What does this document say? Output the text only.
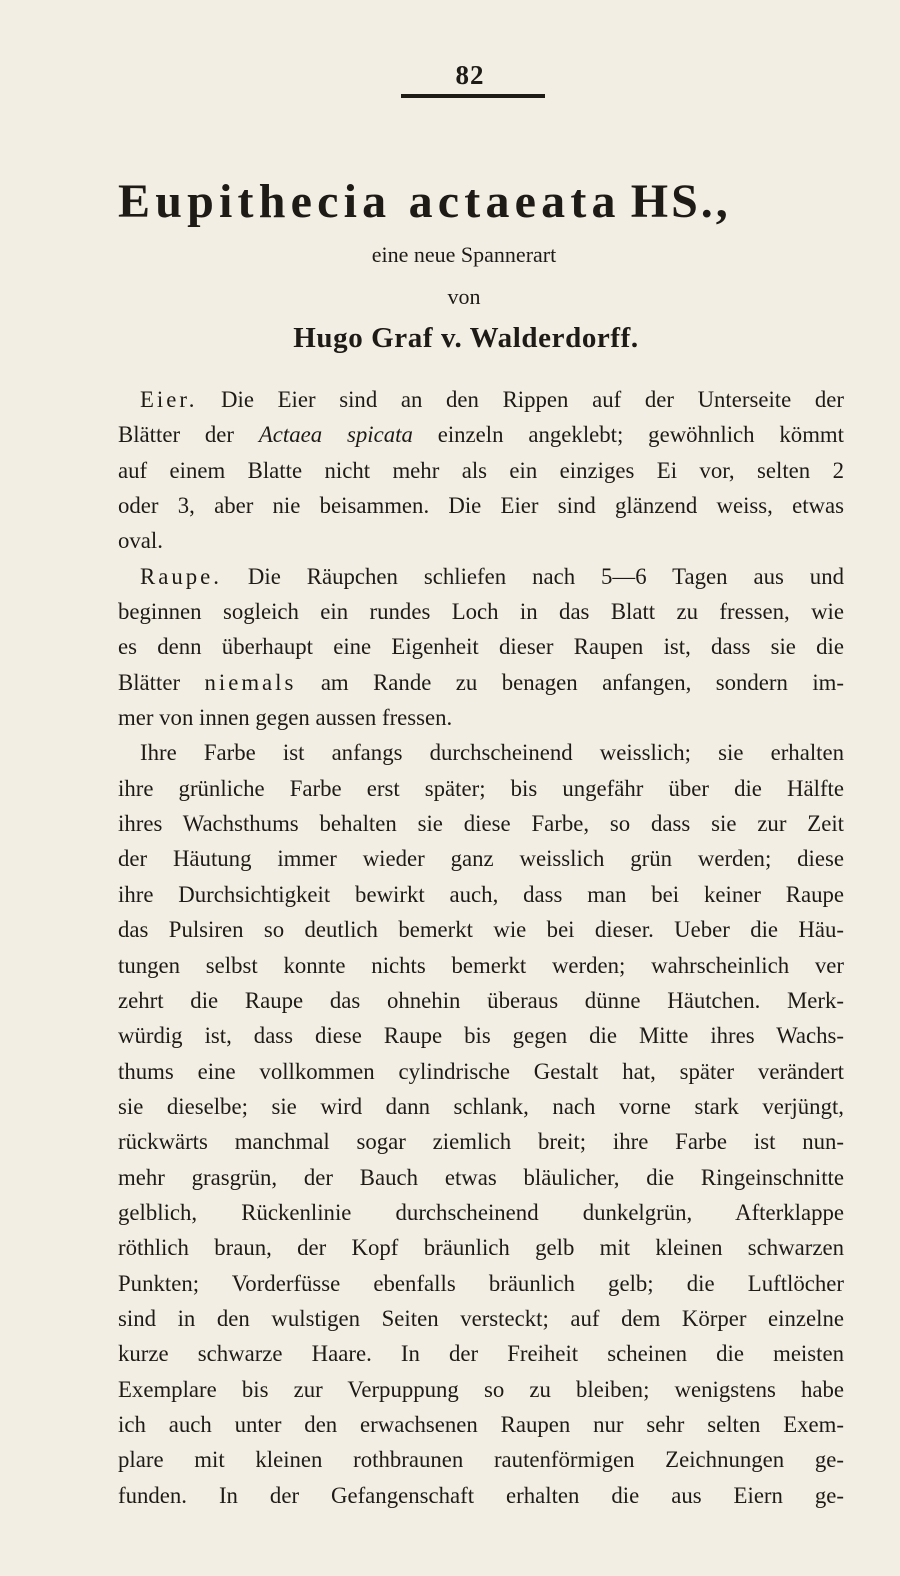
82
Eupithecia actaeata HS.,
eine neue Spannerart
von
Hugo Graf v. Walderdorff.
Eier. Die Eier sind an den Rippen auf der Unterseite der
Blätter der Actaea spicata einzeln angeklebt; gewöhnlich kömmt
auf einem Blatte nicht mehr als ein einziges Ei vor, selten 2
oder 3, aber nie beisammen. Die Eier sind glänzend weiss, etwas
oval.
Raupe. Die Räupchen schliefen nach 5—6 Tagen aus und
beginnen sogleich ein rundes Loch in das Blatt zu fressen, wie
es denn überhaupt eine Eigenheit dieser Raupen ist, dass sie die
Blätter niemals am Rande zu benagen anfangen, sondern im-
mer von innen gegen aussen fressen.
Ihre Farbe ist anfangs durchscheinend weisslich; sie erhalten
ihre grünliche Farbe erst später; bis ungefähr über die Hälfte
ihres Wachsthums behalten sie diese Farbe, so dass sie zur Zeit
der Häutung immer wieder ganz weisslich grün werden; diese
ihre Durchsichtigkeit bewirkt auch, dass man bei keiner Raupe
das Pulsiren so deutlich bemerkt wie bei dieser. Ueber die Häu-
tungen selbst konnte nichts bemerkt werden; wahrscheinlich ver
zehrt die Raupe das ohnehin überaus dünne Häutchen. Merk-
würdig ist, dass diese Raupe bis gegen die Mitte ihres Wachs-
thums eine vollkommen cylindrische Gestalt hat, später verändert
sie dieselbe; sie wird dann schlank, nach vorne stark verjüngt,
rückwärts manchmal sogar ziemlich breit; ihre Farbe ist nun-
mehr grasgrün, der Bauch etwas bläulicher, die Ringeinschnitte
gelblich, Rückenlinie durchscheinend dunkelgrün, Afterklappe
röthlich braun, der Kopf bräunlich gelb mit kleinen schwarzen
Punkten; Vorderfüsse ebenfalls bräunlich gelb; die Luftlöcher
sind in den wulstigen Seiten versteckt; auf dem Körper einzelne
kurze schwarze Haare. In der Freiheit scheinen die meisten
Exemplare bis zur Verpuppung so zu bleiben; wenigstens habe
ich auch unter den erwachsenen Raupen nur sehr selten Exem-
plare mit kleinen rothbraunen rautenförmigen Zeichnungen ge-
funden. In der Gefangenschaft erhalten die aus Eiern ge-
